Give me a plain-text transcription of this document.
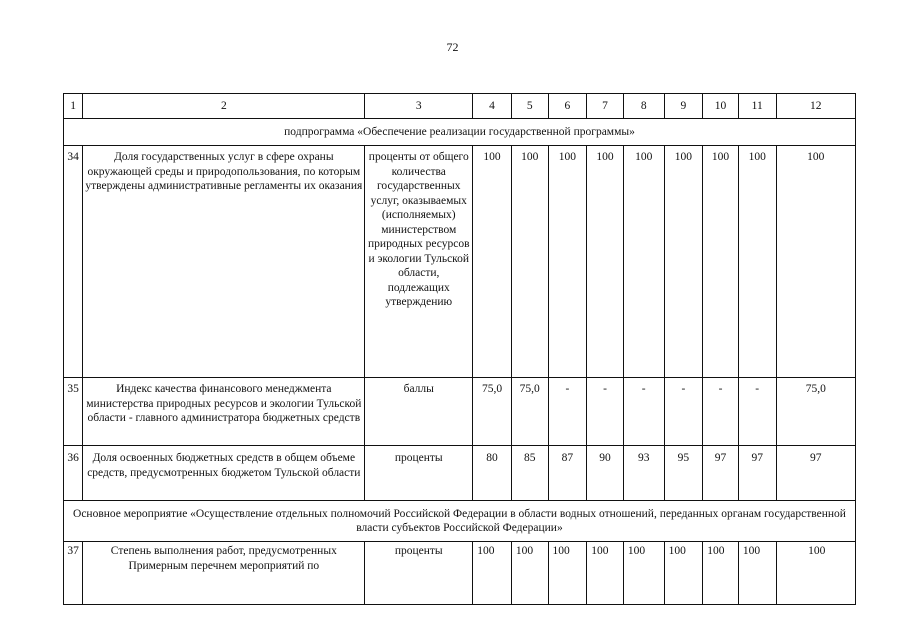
72
1	2	3	4	5	6	7	8	9	10	11	12
подпрограмма «Обеспечение реализации государственной программы»											
34	Доля государственных услуг в сфере охраны окружающей среды и природопользования, по которым утверждены административные регламенты их оказания	проценты от общего количества государственных услуг, оказываемых (исполняемых) министерством природных ресурсов и экологии Тульской области, подлежащих утверждению	100	100	100	100	100	100	100	100	100
35	Индекс качества финансового менеджмента министерства природных ресурсов и экологии Тульской области - главного администратора бюджетных средств	баллы	75,0	75,0	-	-	-	-	-	-	75,0
36	Доля освоенных бюджетных средств в общем объеме средств, предусмотренных бюджетом Тульской области	проценты	80	85	87	90	93	95	97	97	97
Основное мероприятие «Осуществление отдельных полномочий Российской Федерации в области водных отношений, переданных органам государственной власти субъектов Российской Федерации»											
37	Степень выполнения работ, предусмотренных Примерным перечнем мероприятий по	проценты	100	100	100	100	100	100	100	100	100
